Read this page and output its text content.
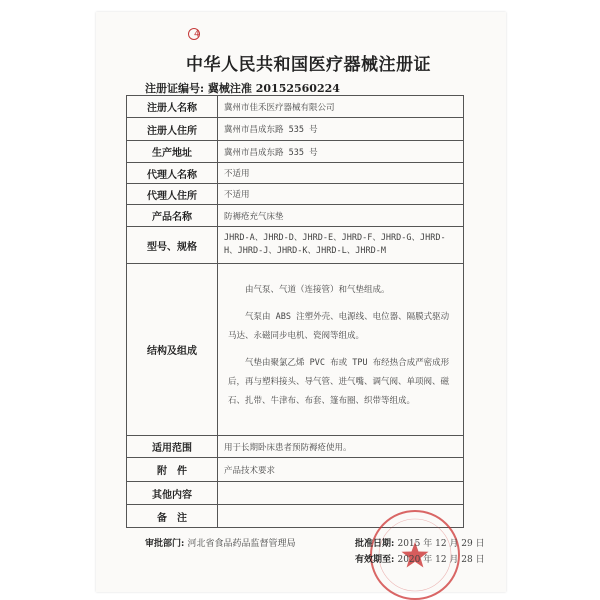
4
中华人民共和国医疗器械注册证
注册证编号: 冀械注准 20152560224
注册人名称	冀州市佳禾医疗器械有限公司
注册人住所	冀州市昌成东路 535 号
生产地址	冀州市昌成东路 535 号
代理人名称	不适用
代理人住所	不适用
产品名称	防褥疮充气床垫
型号、规格	JHRD-A、JHRD-D、JHRD-E、JHRD-F、JHRD-G、JHRD-H、JHRD-J、JHRD-K、JHRD-L、JHRD-M
结构及组成	由气泵、气道（连接管）和气垫组成。

气泵由 ABS 注塑外壳、电源线、电位器、隔膜式驱动马达、永磁同步电机、瓷阀等组成。

气垫由聚氯乙烯 PVC 布或 TPU 布经热合成严密成形后，再与塑料接头、导气管、进气嘴、调气阀、单项阀、磁石、扎带、牛津布、布套、篷布圈、织带等组成。

适用范围	用于长期卧床患者预防褥疮使用。
附　件	产品技术要求
其他内容	
备　注	
审批部门: 河北省食品药品监督管理局	批准日期: 2015 年 12 月 29 日
有效期至: 2020 年 12 月 28 日
